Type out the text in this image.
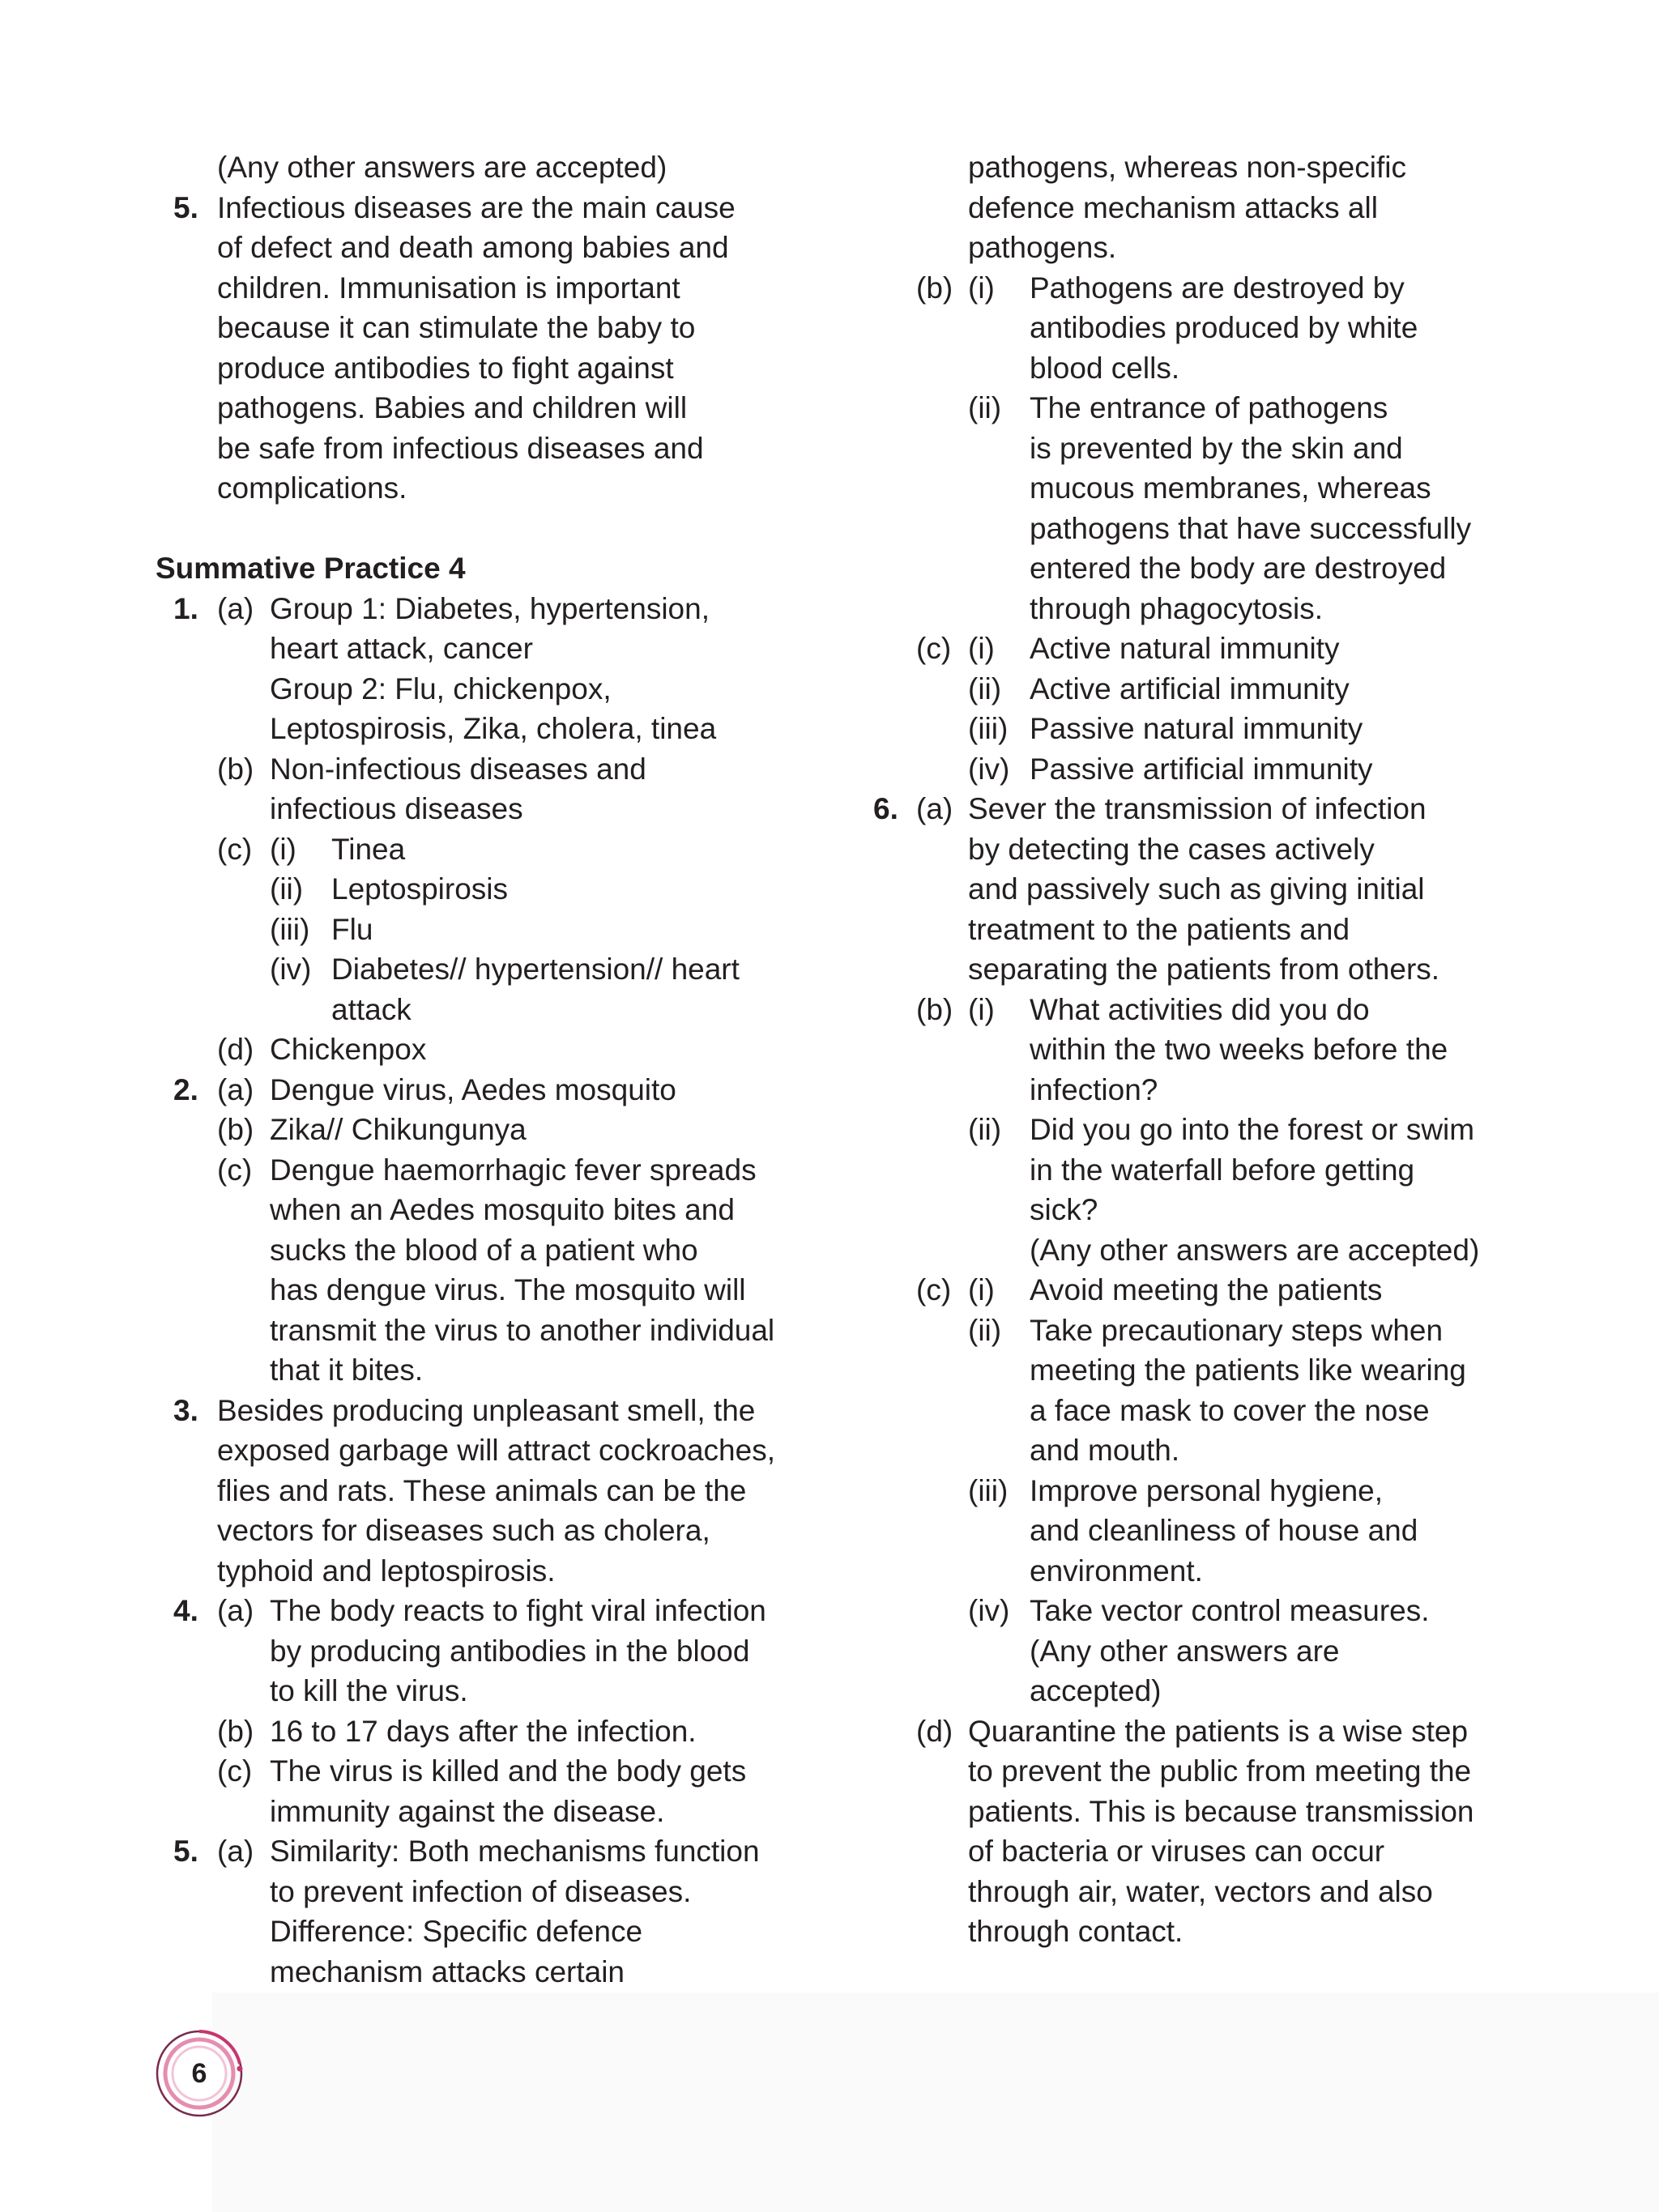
(Any other answers are accepted)
5. Infectious diseases are the main cause
of defect and death among babies and
children. Immunisation is important
because it can stimulate the baby to
produce antibodies to fight against
pathogens. Babies and children will
be safe from infectious diseases and
complications.
Summative Practice 4
1. (a) Group 1: Diabetes, hypertension,
heart attack, cancer
Group 2: Flu, chickenpox,
Leptospirosis, Zika, cholera, tinea
(b) Non-infectious diseases and
infectious diseases
(c) (i) Tinea
(ii) Leptospirosis
(iii) Flu
(iv) Diabetes// hypertension// heart
attack
(d) Chickenpox
2. (a) Dengue virus, Aedes mosquito
(b) Zika// Chikungunya
(c) Dengue haemorrhagic fever spreads
when an Aedes mosquito bites and
sucks the blood of a patient who
has dengue virus. The mosquito will
transmit the virus to another individual
that it bites.
3. Besides producing unpleasant smell, the
exposed garbage will attract cockroaches,
flies and rats. These animals can be the
vectors for diseases such as cholera,
typhoid and leptospirosis.
4. (a) The body reacts to fight viral infection
by producing antibodies in the blood
to kill the virus.
(b) 16 to 17 days after the infection.
(c) The virus is killed and the body gets
immunity against the disease.
5. (a) Similarity: Both mechanisms function
to prevent infection of diseases.
Difference: Specific defence
mechanism attacks certain
pathogens, whereas non-specific
defence mechanism attacks all
pathogens.
(b) (i) Pathogens are destroyed by
antibodies produced by white
blood cells.
(ii) The entrance of pathogens
is prevented by the skin and
mucous membranes, whereas
pathogens that have successfully
entered the body are destroyed
through phagocytosis.
(c) (i) Active natural immunity
(ii) Active artificial immunity
(iii) Passive natural immunity
(iv) Passive artificial immunity
6. (a) Sever the transmission of infection
by detecting the cases actively
and passively such as giving initial
treatment to the patients and
separating the patients from others.
(b) (i) What activities did you do
within the two weeks before the
infection?
(ii) Did you go into the forest or swim
in the waterfall before getting
sick?
(Any other answers are accepted)
(c) (i) Avoid meeting the patients
(ii) Take precautionary steps when
meeting the patients like wearing
a face mask to cover the nose
and mouth.
(iii) Improve personal hygiene,
and cleanliness of house and
environment.
(iv) Take vector control measures.
(Any other answers are
accepted)
(d) Quarantine the patients is a wise step
to prevent the public from meeting the
patients. This is because transmission
of bacteria or viruses can occur
through air, water, vectors and also
through contact.
6
